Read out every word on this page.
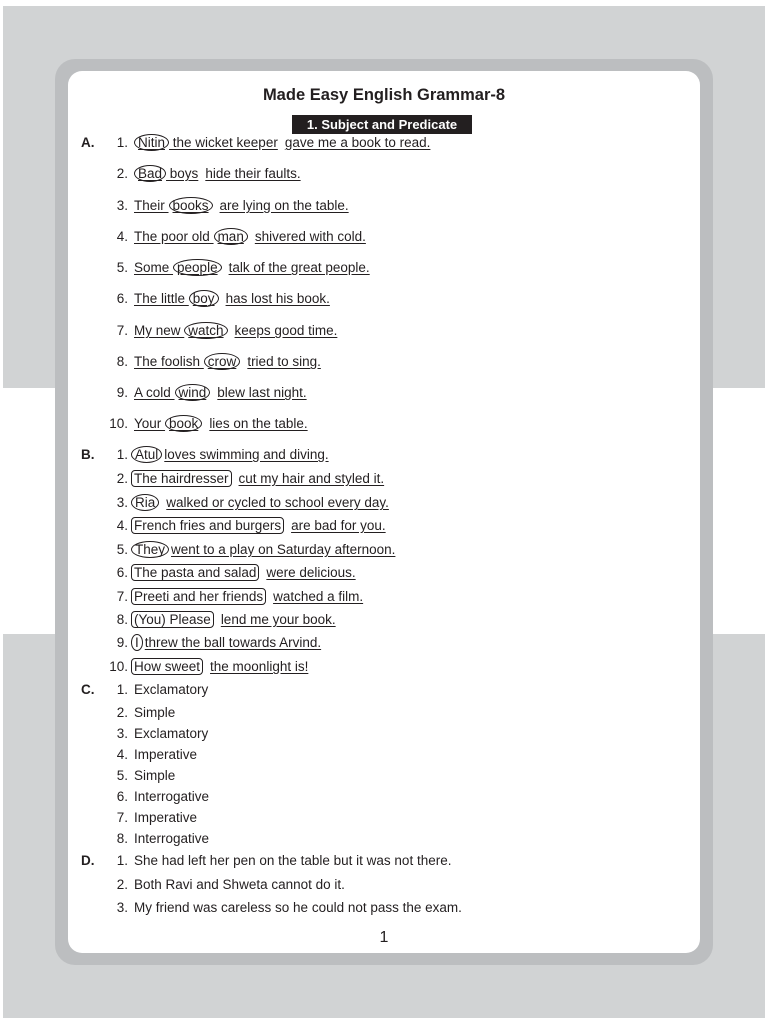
Made Easy English Grammar-8
1. Subject and Predicate
A.
B.
C.
D.
1. Nitin the wicket keeper gave me a book to read.
2. Bad boys hide their faults.
3. Their books are lying on the table.
4. The poor old man shivered with cold.
5. Some people talk of the great people.
6. The little boy has lost his book.
7. My new watch keeps good time.
8. The foolish crow tried to sing.
9. A cold wind blew last night.
10. Your book lies on the table.
1. Atul loves swimming and diving.
2. The hairdresser cut my hair and styled it.
3. Ria walked or cycled to school every day.
4. French fries and burgers are bad for you.
5. They went to a play on Saturday afternoon.
6. The pasta and salad were delicious.
7. Preeti and her friends watched a film.
8. (You) Please lend me your book.
9. I threw the ball towards Arvind.
10. How sweet the moonlight is!
1. Exclamatory
2. Simple
3. Exclamatory
4. Imperative
5. Simple
6. Interrogative
7. Imperative
8. Interrogative
1. She had left her pen on the table but it was not there.
2. Both Ravi and Shweta cannot do it.
3. My friend was careless so he could not pass the exam.
1
